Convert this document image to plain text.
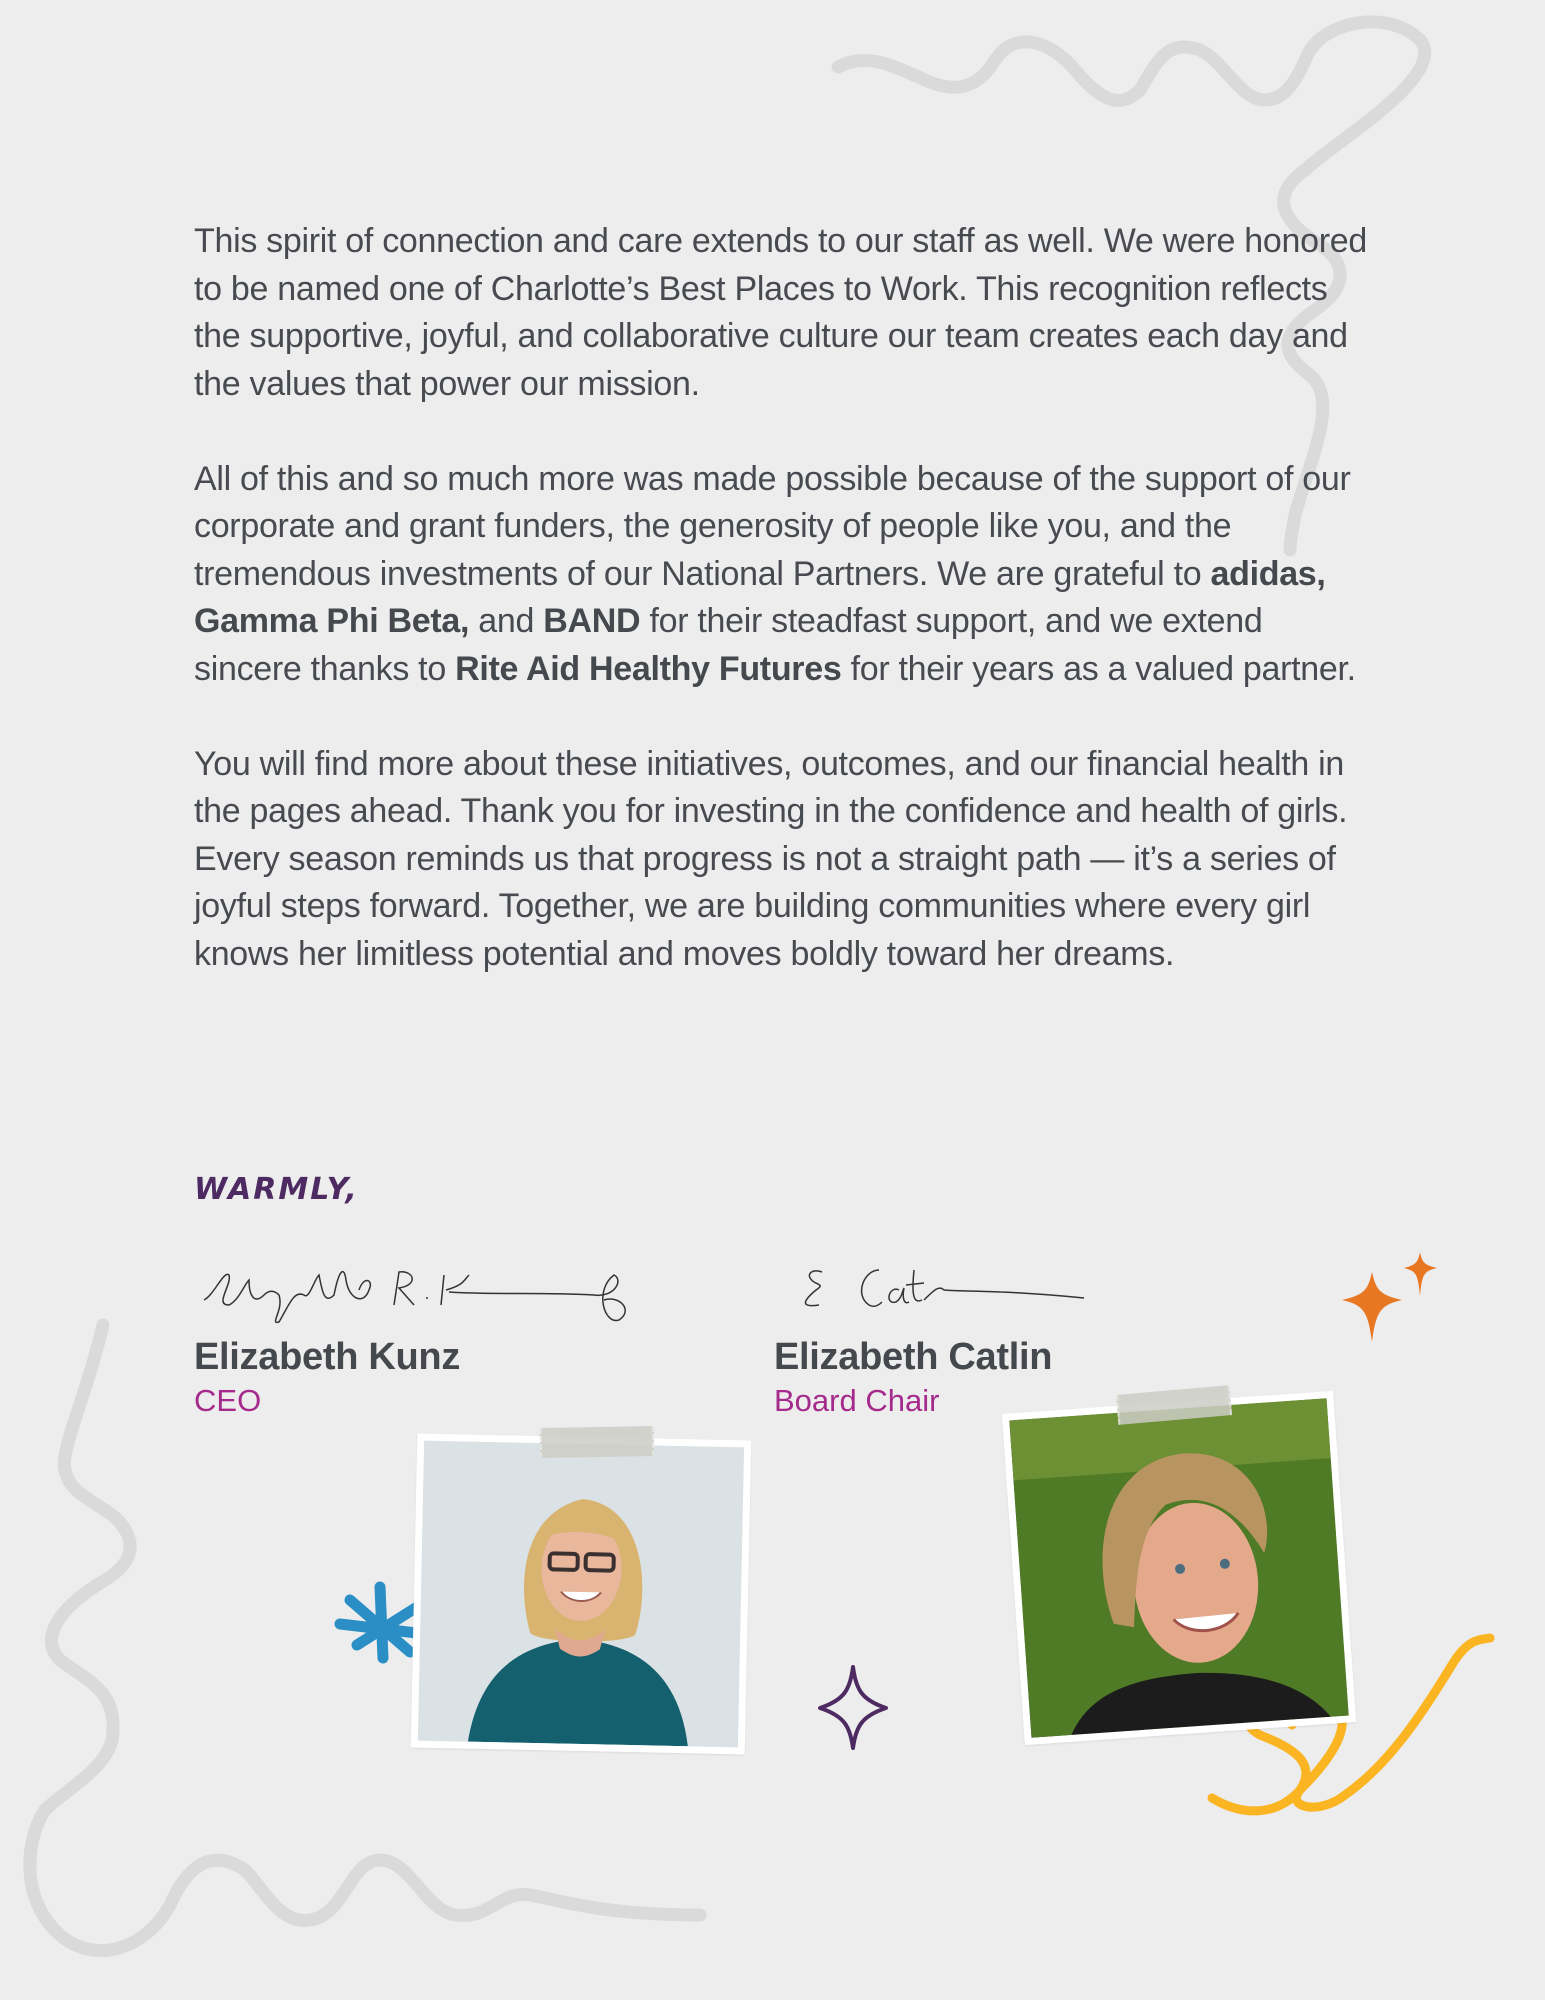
This spirit of connection and care extends to our staff as well. We were honored to be named one of Charlotte’s Best Places to Work. This recognition reflects the supportive, joyful, and collaborative culture our team creates each day and the values that power our mission.

All of this and so much more was made possible because of the support of our corporate and grant funders, the generosity of people like you, and the tremendous investments of our National Partners. We are grateful to adidas, Gamma Phi Beta, and BAND for their steadfast support, and we extend sincere thanks to Rite Aid Healthy Futures for their years as a valued partner.

You will find more about these initiatives, outcomes, and our financial health in the pages ahead. Thank you for investing in the confidence and health of girls. Every season reminds us that progress is not a straight path — it’s a series of joyful steps forward. Together, we are building communities where every girl knows her limitless potential and moves boldly toward her dreams.

WARMLY,
Elizabeth Kunz
CEO
Elizabeth Catlin
Board Chair
